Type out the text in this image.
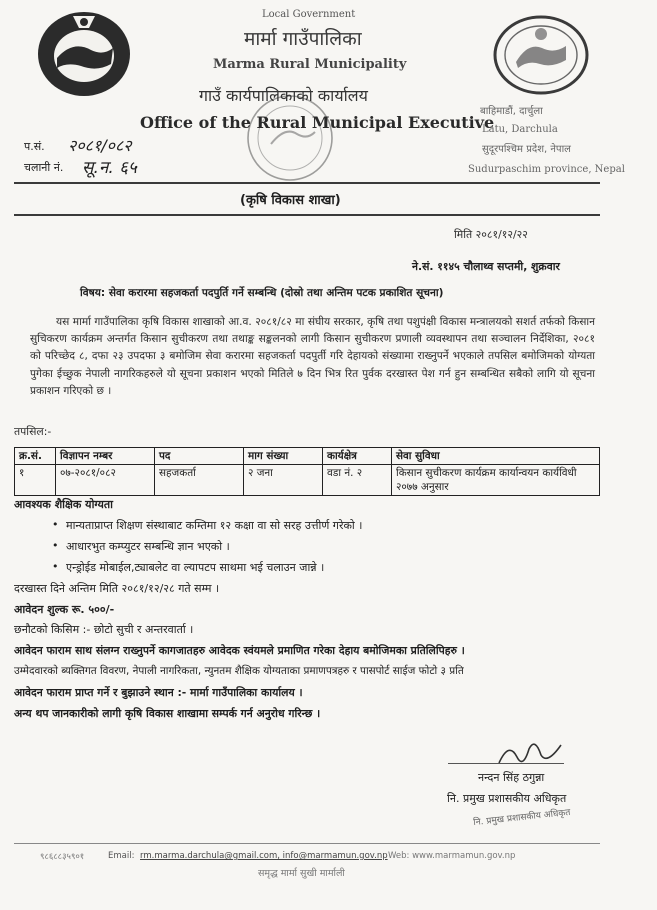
Local Government
मार्मा गाउँपालिका
Marma Rural Municipality
गाउँ कार्यपालिकाको कार्यालय
Office of the Rural Municipal Executive
बाहिमाडौं, दार्चुला
Latu, Darchula
सुदूरपश्चिम प्रदेश, नेपाल
Sudurpaschim province, Nepal
प.सं. २०८१/०८२
चलानी नं. सू.न. ६५
(कृषि विकास शाखा)
मिति २०८१/१२/२२
ने.सं. ११४५ चौलाथ्व सप्तमी, शुक्रवार
विषय: सेवा करारमा सहजकर्ता पदपुर्ति गर्ने सम्बन्धि (दोस्रो तथा अन्तिम पटक प्रकाशित सूचना)
यस मार्मा गाउँपालिका कृषि विकास शाखाको आ.व. २०८१/८२ मा संघीय सरकार, कृषि तथा पशुपंक्षी विकास मन्त्रालयको सशर्त तर्फको किसान सुचिकरण कार्यक्रम अन्तर्गत किसान सुचीकरण तथा तथाङ्क सङ्कलनको लागी किसान सुचीकरण प्रणाली व्यवस्थापन तथा सञ्चालन निर्देशिका, २०८१ को परिच्छेद ८, दफा २३ उपदफा ३ बमोजिम सेवा करारमा सहजकर्ता पदपुर्ती गरि देहायको संख्यामा राख्नुपर्ने भएकाले तपसिल बमोजिमको योग्यता पुगेका ईच्छुक नेपाली नागरिकहरुले यो सूचना प्रकाशन भएको मितिले ७ दिन भित्र रित पुर्वक दरखास्त पेश गर्न हुन सम्बन्धित सबैको लागि यो सूचना प्रकाशन गरिएको छ ।
तपसिल:-
क्र.सं.	विज्ञापन नम्बर	पद	माग संख्या	कार्यक्षेत्र	सेवा सुविधा
१	०७-२०८१/०८२	सहजकर्ता	२ जना	वडा नं. २	किसान सुचीकरण कार्यक्रम कार्यान्वयन कार्यविधी २०७७ अनुसार
आवश्यक शैक्षिक योग्यता
• मान्यताप्राप्त शिक्षण संस्थाबाट कम्तिमा १२ कक्षा वा सो सरह उत्तीर्ण गरेको ।
• आधारभुत कम्प्युटर सम्बन्धि ज्ञान भएको ।
• एन्ड्रोईड मोबाईल,ट्याबलेट वा ल्यापटप साथमा भई चलाउन जान्ने ।
दरखास्त दिने अन्तिम मिति २०८१/१२/२८ गते सम्म ।
आवेदन शुल्क रू. ५००/-
छनौटको किसिम :- छोटो सुची र अन्तरवार्ता ।
आवेदन फाराम साथ संलग्न राख्नुपर्ने कागजातहरु आवेदक स्वंयमले प्रमाणित गरेका देहाय बमोजिमका प्रतिलिपिहरु ।
उम्मेदवारको ब्यक्तिगत विवरण, नेपाली नागरिकता, न्युनतम शैक्षिक योग्यताका प्रमाणपत्रहरु र पासपोर्ट साईज फोटो ३ प्रति
आवेदन फाराम प्राप्त गर्ने र बुझाउने स्थान :- मार्मा गाउँपालिका कार्यालय ।
अन्य थप जानकारीको लागी कृषि विकास शाखामा सम्पर्क गर्न अनुरोध गरिन्छ ।
नन्दन सिंह ठगुन्ना
नि. प्रमुख प्रशासकीय अधिकृत
नि. प्रमुख प्रशासकीय अधिकृत
९८६८८३५९०१	Email: rm.marma.darchula@gmail.com, info@marmamun.gov.np Web: www.marmamun.gov.np
समृद्ध मार्मा सुखी मार्माली
